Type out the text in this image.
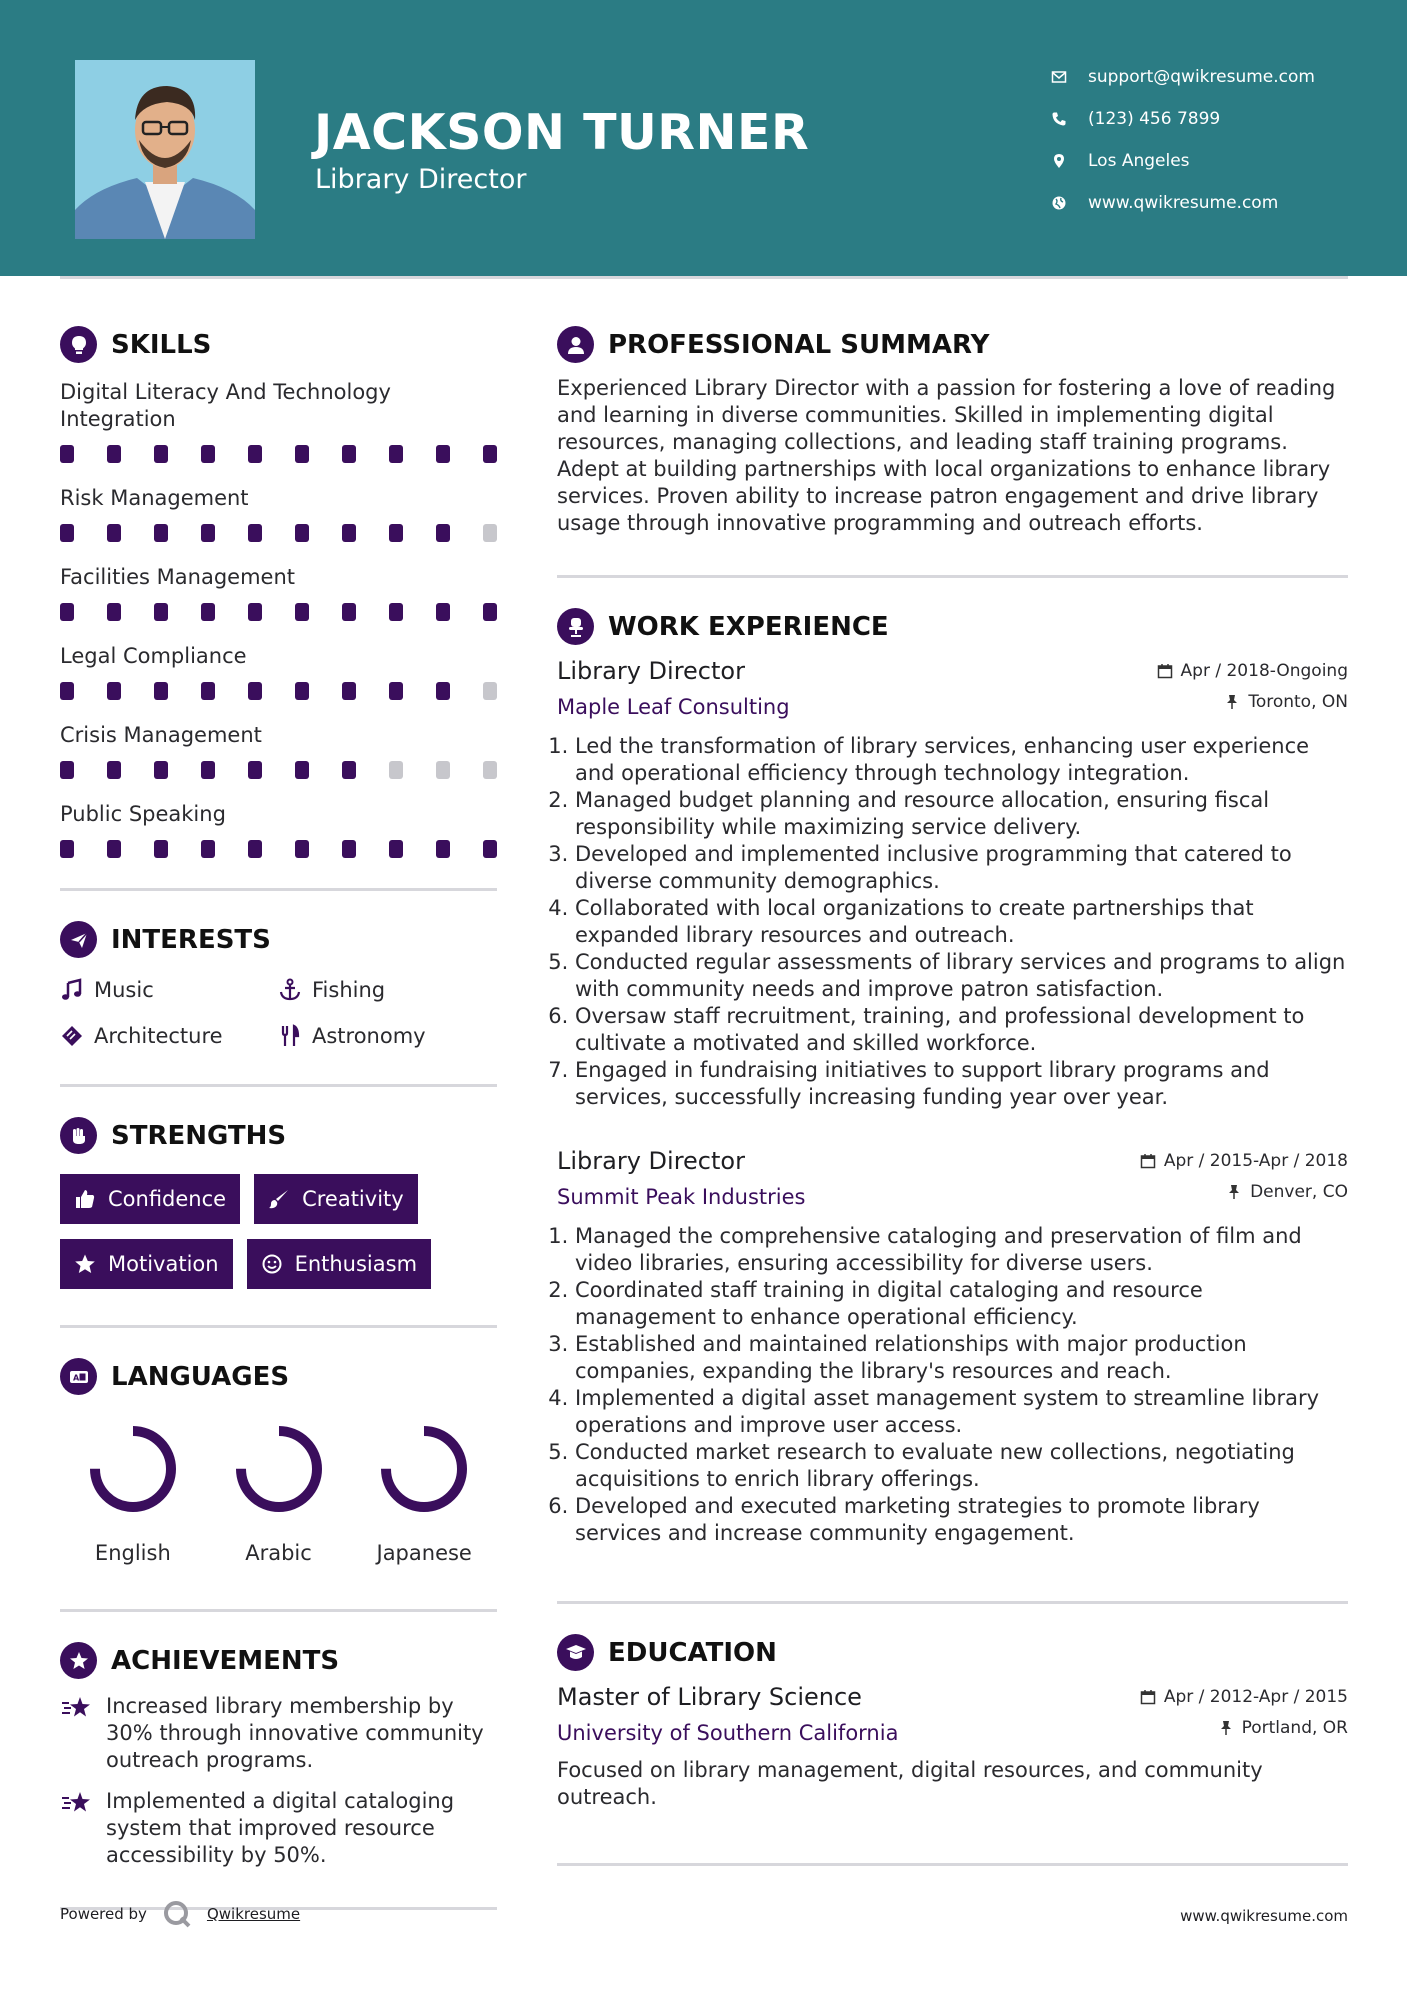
JACKSON TURNER
Library Director
support@qwikresume.com
(123) 456 7899
Los Angeles
www.qwikresume.com
SKILLS
Digital Literacy And Technology Integration
Risk Management
Facilities Management
Legal Compliance
Crisis Management
Public Speaking
INTERESTS
Music	Fishing
Architecture	Astronomy
STRENGTHS
Confidence	Creativity
Motivation	Enthusiasm
A LANGUAGES
English	Arabic	Japanese
ACHIEVEMENTS

Increased library membership by 30% through innovative community outreach programs.

Implemented a digital cataloging system that improved resource accessibility by 50%.

PROFESSIONAL SUMMARY
Experienced Library Director with a passion for fostering a love of reading and learning in diverse communities. Skilled in implementing digital resources, managing collections, and leading staff training programs. Adept at building partnerships with local organizations to enhance library services. Proven ability to increase patron engagement and drive library usage through innovative programming and outreach efforts.
WORK EXPERIENCE
Library Director	Apr / 2018-Ongoing
Maple Leaf Consulting	Toronto, ON
1. Led the transformation of library services, enhancing user experience and operational efficiency through technology integration.
2. Managed budget planning and resource allocation, ensuring fiscal responsibility while maximizing service delivery.
3. Developed and implemented inclusive programming that catered to diverse community demographics.
4. Collaborated with local organizations to create partnerships that expanded library resources and outreach.
5. Conducted regular assessments of library services and programs to align with community needs and improve patron satisfaction.
6. Oversaw staff recruitment, training, and professional development to cultivate a motivated and skilled workforce.
7. Engaged in fundraising initiatives to support library programs and services, successfully increasing funding year over year.
Library Director	Apr / 2015-Apr / 2018
Summit Peak Industries	Denver, CO
1. Managed the comprehensive cataloging and preservation of film and video libraries, ensuring accessibility for diverse users.
2. Coordinated staff training in digital cataloging and resource management to enhance operational efficiency.
3. Established and maintained relationships with major production companies, expanding the library's resources and reach.
4. Implemented a digital asset management system to streamline library operations and improve user access.
5. Conducted market research to evaluate new collections, negotiating acquisitions to enrich library offerings.
6. Developed and executed marketing strategies to promote library services and increase community engagement.
EDUCATION
Master of Library Science	Apr / 2012-Apr / 2015
University of Southern California	Portland, OR
Focused on library management, digital resources, and community outreach.
Powered by	Qwikresume	www.qwikresume.com
